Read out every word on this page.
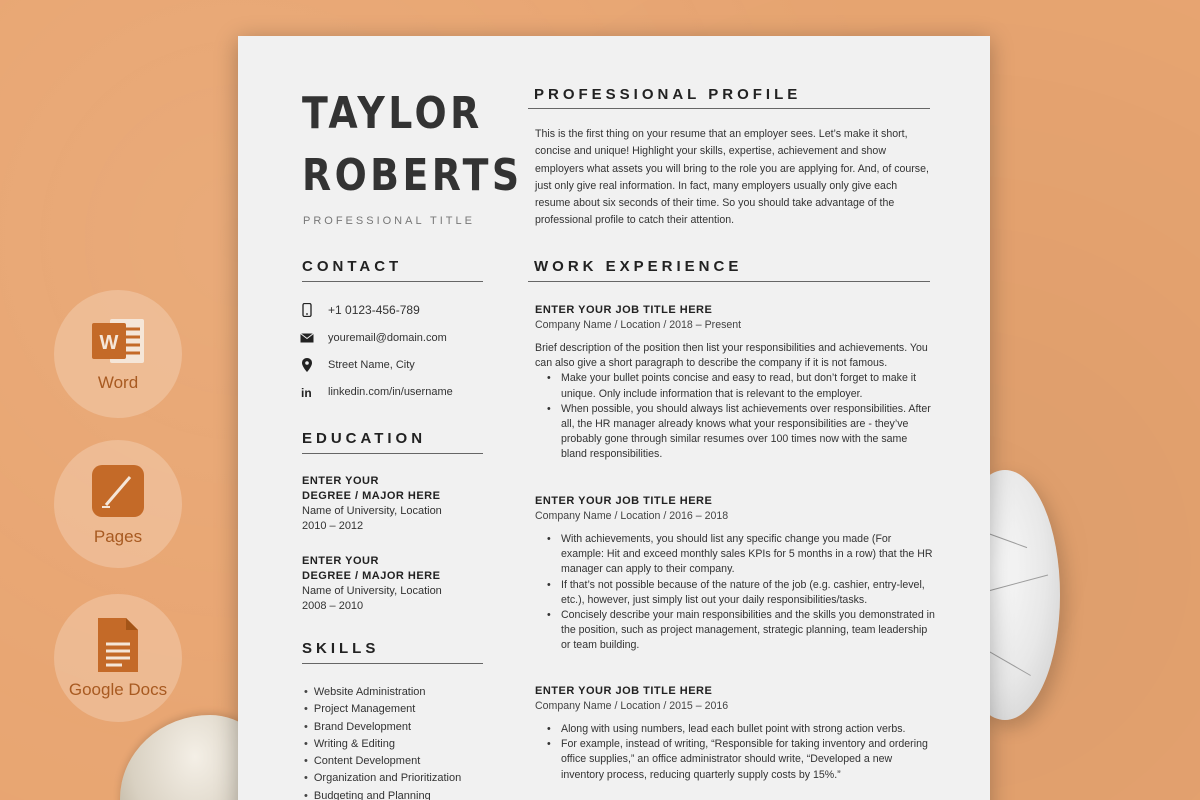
W
Word
Pages
Google Docs
TAYLOR
ROBERTS
PROFESSIONAL TITLE
CONTACT
+1 0123-456-789
youremail@domain.com
Street Name, City
in linkedin.com/in/username
EDUCATION
ENTER YOUR
DEGREE / MAJOR HERE
Name of University, Location
2010 – 2012
ENTER YOUR
DEGREE / MAJOR HERE
Name of University, Location
2008 – 2010
SKILLS
• Website Administration
• Project Management
• Brand Development
• Writing & Editing
• Content Development
• Organization and Prioritization
• Budgeting and Planning
PROFESSIONAL PROFILE
This is the first thing on your resume that an employer sees. Let’s make it short, concise and unique! Highlight your skills, expertise, achievement and show employers what assets you will bring to the role you are applying for. And, of course, just only give real information. In fact, many employers usually only give each resume about six seconds of their time. So you should take advantage of the professional profile to catch their attention.
WORK EXPERIENCE
ENTER YOUR JOB TITLE HERE
Company Name / Location / 2018 – Present
Brief description of the position then list your responsibilities and achievements. You can also give a short paragraph to describe the company if it is not famous.
• Make your bullet points concise and easy to read, but don’t forget to make it unique. Only include information that is relevant to the employer.
• When possible, you should always list achievements over responsibilities. After all, the HR manager already knows what your responsibilities are - they’ve probably gone through similar resumes over 100 times now with the same bland responsibilities.
ENTER YOUR JOB TITLE HERE
Company Name / Location / 2016 – 2018
• With achievements, you should list any specific change you made (For example: Hit and exceed monthly sales KPIs for 5 months in a row) that the HR manager can apply to their company.
• If that’s not possible because of the nature of the job (e.g. cashier, entry-level, etc.), however, just simply list out your daily responsibilities/tasks.
• Concisely describe your main responsibilities and the skills you demonstrated in the position, such as project management, strategic planning, team leadership or team building.
ENTER YOUR JOB TITLE HERE
Company Name / Location / 2015 – 2016
• Along with using numbers, lead each bullet point with strong action verbs.
• For example, instead of writing, “Responsible for taking inventory and ordering office supplies,” an office administrator should write, “Developed a new inventory process, reducing quarterly supply costs by 15%.”
